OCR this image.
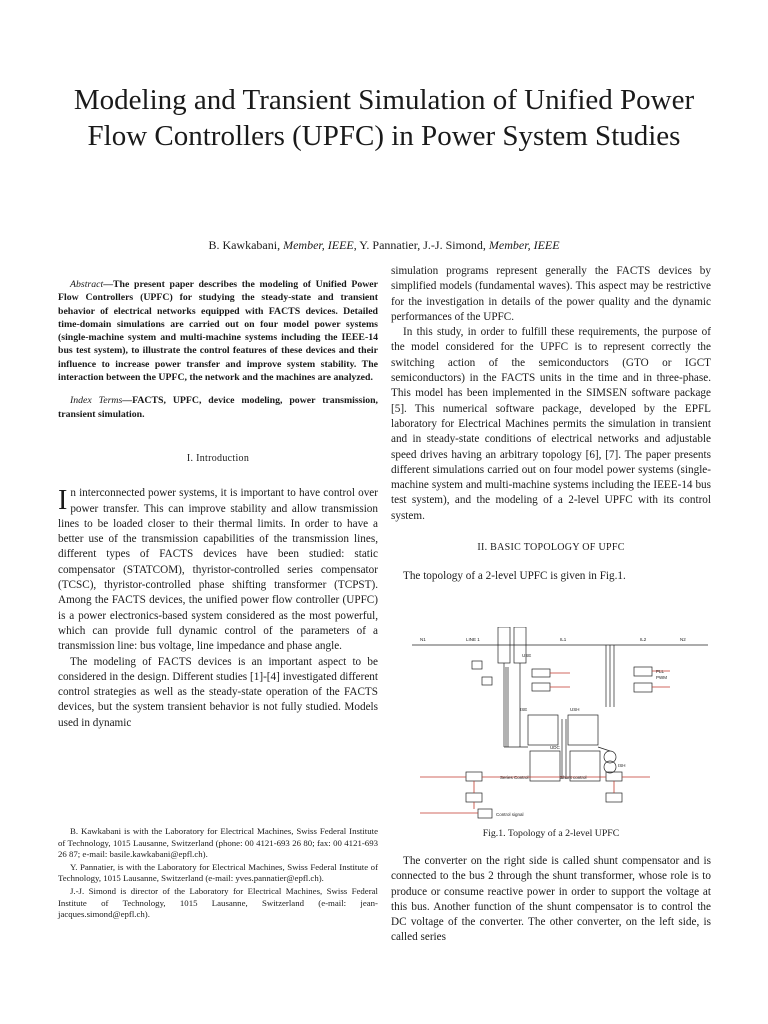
Modeling and Transient Simulation of Unified Power Flow Controllers (UPFC) in Power System Studies
B. Kawkabani, Member, IEEE, Y. Pannatier, J.-J. Simond, Member, IEEE

Abstract—The present paper describes the modeling of Unified Power Flow Controllers (UPFC) for studying the steady-state and transient behavior of electrical networks equipped with FACTS devices. Detailed time-domain simulations are carried out on four model power systems (single-machine system and multi-machine systems including the IEEE-14 bus test system), to illustrate the control features of these devices and their influence to increase power transfer and improve system stability. The interaction between the UPFC, the network and the machines are analyzed.

Index Terms—FACTS, UPFC, device modeling, power transmission, transient simulation.

I. Introduction

In interconnected power systems, it is important to have control over power transfer. This can improve stability and allow transmission lines to be loaded closer to their thermal limits. In order to have a better use of the transmission capabilities of the transmission lines, different types of FACTS devices have been studied: static compensator (STATCOM), thyristor-controlled series compensator (TCSC), thyristor-controlled phase shifting transformer (TCPST). Among the FACTS devices, the unified power flow controller (UPFC) is a power electronics-based system considered as the most powerful, which can provide full dynamic control of the parameters of a transmission line: bus voltage, line impedance and phase angle.

The modeling of FACTS devices is an important aspect to be considered in the design. Different studies [1]-[4] investigated different control strategies as well as the steady-state operation of the FACTS devices, but the system transient behavior is not fully studied. Models used in dynamic

B. Kawkabani is with the Laboratory for Electrical Machines, Swiss Federal Institute of Technology, 1015 Lausanne, Switzerland (phone: 00 4121-693 26 80; fax: 00 4121-693 26 87; e-mail: basile.kawkabani@epfl.ch).

Y. Pannatier, is with the Laboratory for Electrical Machines, Swiss Federal Institute of Technology, 1015 Lausanne, Switzerland (e-mail: yves.pannatier@epfl.ch).

J.-J. Simond is director of the Laboratory for Electrical Machines, Swiss Federal Institute of Technology, 1015 Lausanne, Switzerland (e-mail: jean-jacques.simond@epfl.ch).

simulation programs represent generally the FACTS devices by simplified models (fundamental waves). This aspect may be restrictive for the investigation in details of the power quality and the dynamic performances of the UPFC.

In this study, in order to fulfill these requirements, the purpose of the model considered for the UPFC is to represent correctly the switching action of the semiconductors (GTO or IGCT semiconductors) in the FACTS units in the time and in three-phase. This model has been implemented in the SIMSEN software package [5]. This numerical software package, developed by the EPFL laboratory for Electrical Machines permits the simulation in transient and in steady-state conditions of electrical networks and adjustable speed drives having an arbitrary topology [6], [7]. The paper presents different simulations carried out on four model power systems (single-machine system and multi-machine systems including the IEEE-14 bus test system), and the modeling of a 2-level UPFC with its control system.

II. BASIC TOPOLOGY OF UPFC

The topology of a 2-level UPFC is given in Fig.1.

N1	LINE 1	IL1	IL2	N2
USE
ISE	USH
ISH
UDC
PLL
PWM
Series Control	Shunt control
Control signal
Fig.1. Topology of a 2-level UPFC

The converter on the right side is called shunt compensator and is connected to the bus 2 through the shunt transformer, whose role is to produce or consume reactive power in order to support the voltage at this bus. Another function of the shunt compensator is to control the DC voltage of the converter. The other converter, on the left side, is called series
